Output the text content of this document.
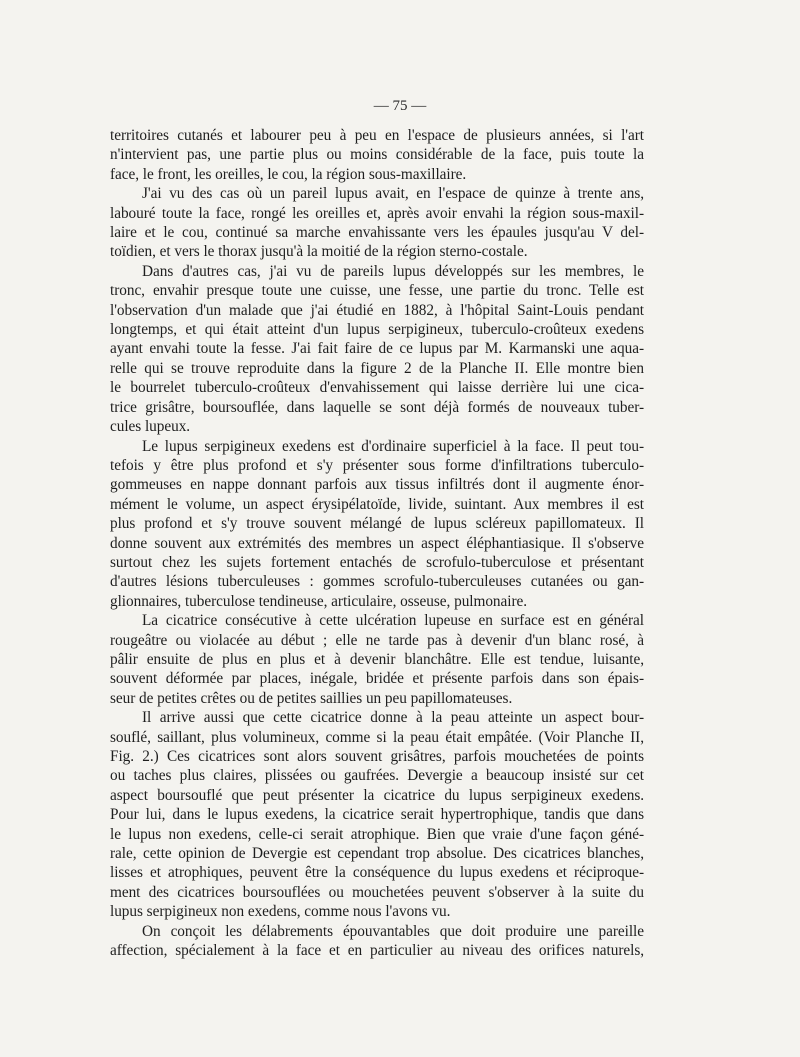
— 75 —
territoires cutanés et labourer peu à peu en l'espace de plusieurs années, si l'art
n'intervient pas, une partie plus ou moins considérable de la face, puis toute la
face, le front, les oreilles, le cou, la région sous-maxillaire.
J'ai vu des cas où un pareil lupus avait, en l'espace de quinze à trente ans,
labouré toute la face, rongé les oreilles et, après avoir envahi la région sous-maxil-
laire et le cou, continué sa marche envahissante vers les épaules jusqu'au V del-
toïdien, et vers le thorax jusqu'à la moitié de la région sterno-costale.
Dans d'autres cas, j'ai vu de pareils lupus développés sur les membres, le
tronc, envahir presque toute une cuisse, une fesse, une partie du tronc. Telle est
l'observation d'un malade que j'ai étudié en 1882, à l'hôpital Saint-Louis pendant
longtemps, et qui était atteint d'un lupus serpigineux, tuberculo-croûteux exedens
ayant envahi toute la fesse. J'ai fait faire de ce lupus par M. Karmanski une aqua-
relle qui se trouve reproduite dans la figure 2 de la Planche II. Elle montre bien
le bourrelet tuberculo-croûteux d'envahissement qui laisse derrière lui une cica-
trice grisâtre, boursouflée, dans laquelle se sont déjà formés de nouveaux tuber-
cules lupeux.
Le lupus serpigineux exedens est d'ordinaire superficiel à la face. Il peut tou-
tefois y être plus profond et s'y présenter sous forme d'infiltrations tuberculo-
gommeuses en nappe donnant parfois aux tissus infiltrés dont il augmente énor-
mément le volume, un aspect érysipélatoïde, livide, suintant. Aux membres il est
plus profond et s'y trouve souvent mélangé de lupus scléreux papillomateux. Il
donne souvent aux extrémités des membres un aspect éléphantiasique. Il s'observe
surtout chez les sujets fortement entachés de scrofulo-tuberculose et présentant
d'autres lésions tuberculeuses : gommes scrofulo-tuberculeuses cutanées ou gan-
glionnaires, tuberculose tendineuse, articulaire, osseuse, pulmonaire.
La cicatrice consécutive à cette ulcération lupeuse en surface est en général
rougeâtre ou violacée au début ; elle ne tarde pas à devenir d'un blanc rosé, à
pâlir ensuite de plus en plus et à devenir blanchâtre. Elle est tendue, luisante,
souvent déformée par places, inégale, bridée et présente parfois dans son épais-
seur de petites crêtes ou de petites saillies un peu papillomateuses.
Il arrive aussi que cette cicatrice donne à la peau atteinte un aspect bour-
souflé, saillant, plus volumineux, comme si la peau était empâtée. (Voir Planche II,
Fig. 2.) Ces cicatrices sont alors souvent grisâtres, parfois mouchetées de points
ou taches plus claires, plissées ou gaufrées. Devergie a beaucoup insisté sur cet
aspect boursouflé que peut présenter la cicatrice du lupus serpigineux exedens.
Pour lui, dans le lupus exedens, la cicatrice serait hypertrophique, tandis que dans
le lupus non exedens, celle-ci serait atrophique. Bien que vraie d'une façon géné-
rale, cette opinion de Devergie est cependant trop absolue. Des cicatrices blanches,
lisses et atrophiques, peuvent être la conséquence du lupus exedens et réciproque-
ment des cicatrices boursouflées ou mouchetées peuvent s'observer à la suite du
lupus serpigineux non exedens, comme nous l'avons vu.
On conçoit les délabrements épouvantables que doit produire une pareille
affection, spécialement à la face et en particulier au niveau des orifices naturels,
